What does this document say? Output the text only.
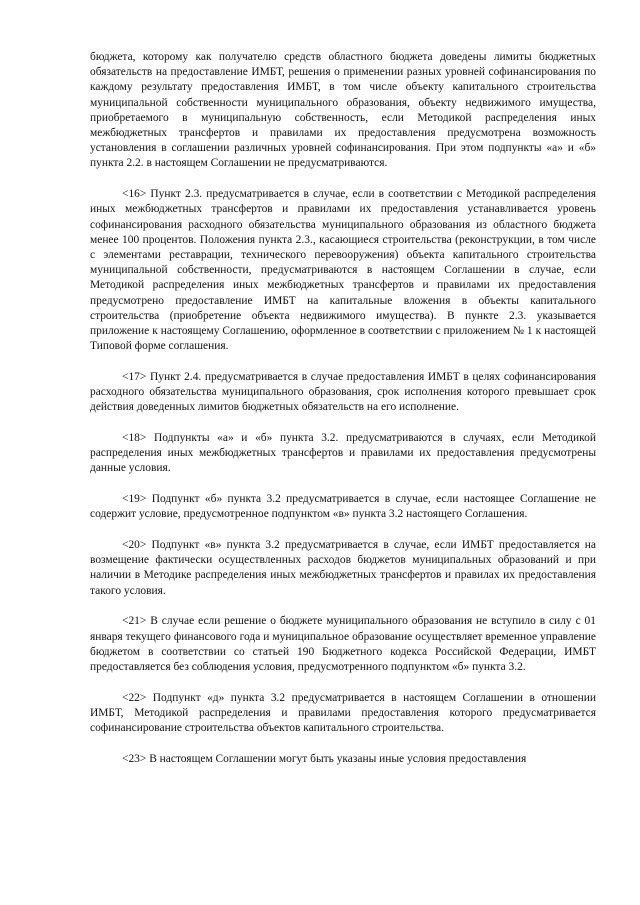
бюджета, которому как получателю средств областного бюджета доведены лимиты бюджетных обязательств на предоставление ИМБТ, решения о применении разных уровней софинансирования по каждому результату предоставления ИМБТ, в том числе объекту капитального строительства муниципальной собственности муниципального образования, объекту недвижимого имущества, приобретаемого в муниципальную собственность, если Методикой распределения иных межбюджетных трансфертов и правилами их предоставления предусмотрена возможность установления в соглашении различных уровней софинансирования. При этом подпункты «а» и «б» пункта 2.2. в настоящем Соглашении не предусматриваются.

<16> Пункт 2.3. предусматривается в случае, если в соответствии с Методикой распределения иных межбюджетных трансфертов и правилами их предоставления устанавливается уровень софинансирования расходного обязательства муниципального образования из областного бюджета менее 100 процентов. Положения пункта 2.3., касающиеся строительства (реконструкции, в том числе с элементами реставрации, технического перевооружения) объекта капитального строительства муниципальной собственности, предусматриваются в настоящем Соглашении в случае, если Методикой распределения иных межбюджетных трансфертов и правилами их предоставления предусмотрено предоставление ИМБТ на капитальные вложения в объекты капитального строительства (приобретение объекта недвижимого имущества). В пункте 2.3. указывается приложение к настоящему Соглашению, оформленное в соответствии с приложением № 1 к настоящей Типовой форме соглашения.

<17> Пункт 2.4. предусматривается в случае предоставления ИМБТ в целях софинансирования расходного обязательства муниципального образования, срок исполнения которого превышает срок действия доведенных лимитов бюджетных обязательств на его исполнение.

<18> Подпункты «а» и «б» пункта 3.2. предусматриваются в случаях, если Методикой распределения иных межбюджетных трансфертов и правилами их предоставления предусмотрены данные условия.

<19> Подпункт «б» пункта 3.2 предусматривается в случае, если настоящее Соглашение не содержит условие, предусмотренное подпунктом «в» пункта 3.2 настоящего Соглашения.

<20> Подпункт «в» пункта 3.2 предусматривается в случае, если ИМБТ предоставляется на возмещение фактически осуществленных расходов бюджетов муниципальных образований и при наличии в Методике распределения иных межбюджетных трансфертов и правилах их предоставления такого условия.

<21> В случае если решение о бюджете муниципального образования не вступило в силу с 01 января текущего финансового года и муниципальное образование осуществляет временное управление бюджетом в соответствии со статьей 190 Бюджетного кодекса Российской Федерации, ИМБТ предоставляется без соблюдения условия, предусмотренного подпунктом «б» пункта 3.2.

<22> Подпункт «д» пункта 3.2 предусматривается в настоящем Соглашении в отношении ИМБТ, Методикой распределения и правилами предоставления которого предусматривается софинансирование строительства объектов капитального строительства.

<23> В настоящем Соглашении могут быть указаны иные условия предоставления
